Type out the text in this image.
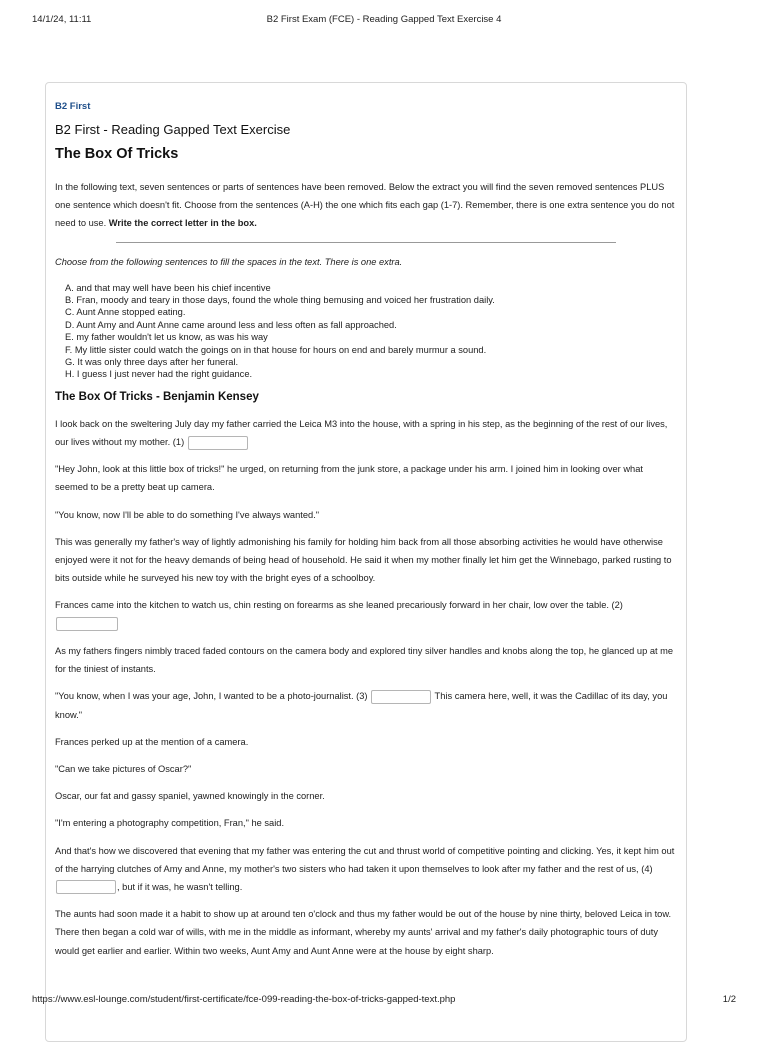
14/1/24, 11:11	B2 First Exam (FCE) - Reading Gapped Text Exercise 4
B2 First
B2 First - Reading Gapped Text Exercise
The Box Of Tricks

In the following text, seven sentences or parts of sentences have been removed. Below the extract you will find the seven removed sentences PLUS one sentence which doesn't fit. Choose from the sentences (A-H) the one which fits each gap (1-7). Remember, there is one extra sentence you do not need to use. Write the correct letter in the box.

Choose from the following sentences to fill the spaces in the text. There is one extra.

A. and that may well have been his chief incentive
B. Fran, moody and teary in those days, found the whole thing bemusing and voiced her frustration daily.
C. Aunt Anne stopped eating.
D. Aunt Amy and Aunt Anne came around less and less often as fall approached.
E. my father wouldn't let us know, as was his way
F. My little sister could watch the goings on in that house for hours on end and barely murmur a sound.
G. It was only three days after her funeral.
H. I guess I just never had the right guidance.
The Box Of Tricks - Benjamin Kensey

I look back on the sweltering July day my father carried the Leica M3 into the house, with a spring in his step, as the beginning of the rest of our lives, our lives without my mother. (1)

"Hey John, look at this little box of tricks!" he urged, on returning from the junk store, a package under his arm. I joined him in looking over what seemed to be a pretty beat up camera.

"You know, now I'll be able to do something I've always wanted."

This was generally my father's way of lightly admonishing his family for holding him back from all those absorbing activities he would have otherwise enjoyed were it not for the heavy demands of being head of household. He said it when my mother finally let him get the Winnebago, parked rusting to bits outside while he surveyed his new toy with the bright eyes of a schoolboy.

Frances came into the kitchen to watch us, chin resting on forearms as she leaned precariously forward in her chair, low over the table. (2)

As my fathers fingers nimbly traced faded contours on the camera body and explored tiny silver handles and knobs along the top, he glanced up at me for the tiniest of instants.

"You know, when I was your age, John, I wanted to be a photo-journalist. (3)	This camera here, well, it was the Cadillac of its day, you know."

Frances perked up at the mention of a camera.

"Can we take pictures of Oscar?"

Oscar, our fat and gassy spaniel, yawned knowingly in the corner.

"I'm entering a photography competition, Fran," he said.

And that's how we discovered that evening that my father was entering the cut and thrust world of competitive pointing and clicking. Yes, it kept him out of the harrying clutches of Amy and Anne, my mother's two sisters who had taken it upon themselves to look after my father and the rest of us, (4) , but if it was, he wasn't telling.

The aunts had soon made it a habit to show up at around ten o'clock and thus my father would be out of the house by nine thirty, beloved Leica in tow. There then began a cold war of wills, with me in the middle as informant, whereby my aunts' arrival and my father's daily photographic tours of duty would get earlier and earlier. Within two weeks, Aunt Amy and Aunt Anne were at the house by eight sharp.

https://www.esl-lounge.com/student/first-certificate/fce-099-reading-the-box-of-tricks-gapped-text.php	1/2
